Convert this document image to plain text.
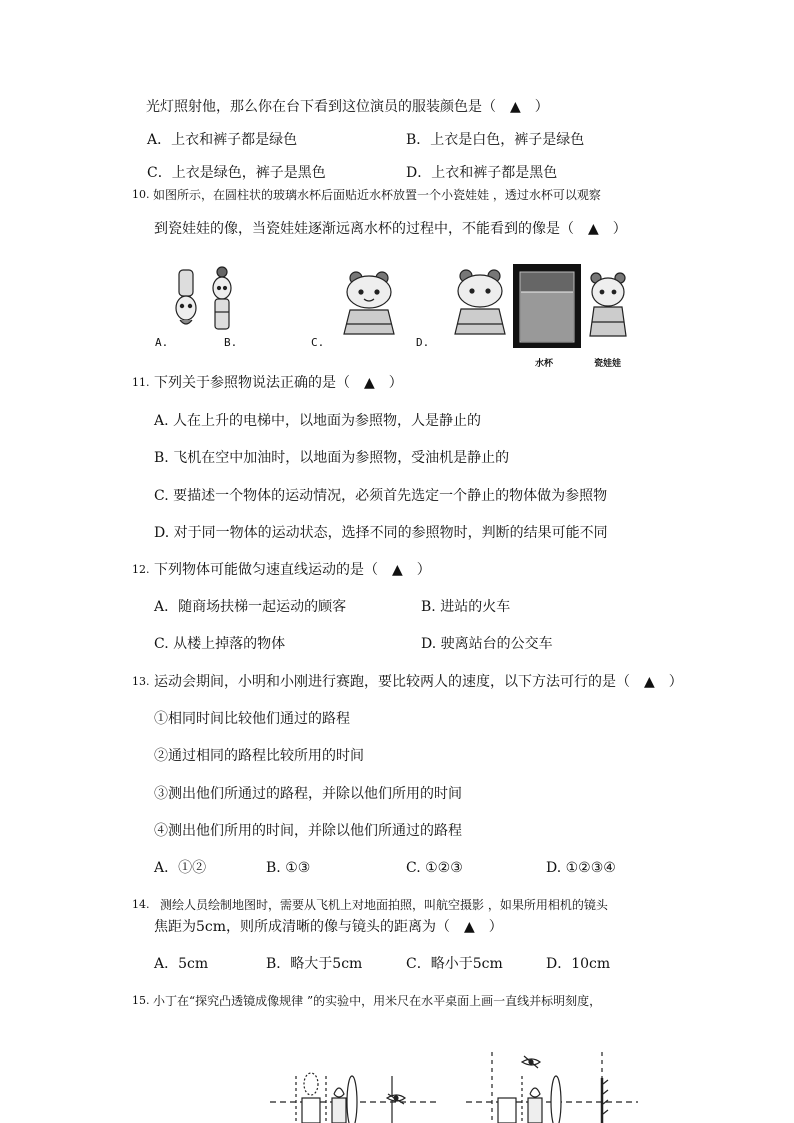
光灯照射他，那么你在台下看到这位演员的服装颜色是（　▲　）
A．上衣和裤子都是绿色	B．上衣是白色，裤子是绿色
C．上衣是绿色，裤子是黑色	D．上衣和裤子都是黑色
10. 如图所示，在圆柱状的玻璃水杯后面贴近水杯放置一个小瓷娃娃 ，透过水杯可以观察
到瓷娃娃的像，当瓷娃娃逐渐远离水杯的过程中，不能看到的像是（　▲　）
A.	B.	C.	D.
水杯	瓷娃娃
11. 下列关于参照物说法正确的是（　▲　）
A. 人在上升的电梯中，以地面为参照物，人是静止的
B. 飞机在空中加油时，以地面为参照物，受油机是静止的
C. 要描述一个物体的运动情况，必须首先选定一个静止的物体做为参照物
D. 对于同一物体的运动状态，选择不同的参照物时，判断的结果可能不同
12. 下列物体可能做匀速直线运动的是（　▲　）
A．随商场扶梯一起运动的顾客	B. 进站的火车
C. 从楼上掉落的物体	D. 驶离站台的公交车
13. 运动会期间，小明和小刚进行赛跑，要比较两人的速度，以下方法可行的是（　▲　）
①相同时间比较他们通过的路程
②通过相同的路程比较所用的时间
③测出他们所通过的路程，并除以他们所用的时间
④测出他们所用的时间，并除以他们所通过的路程
A．①②	B. ①③	C. ①②③	D. ①②③④
14. 测绘人员绘制地图时，需要从飞机上对地面拍照，叫航空摄影 ，如果所用相机的镜头
焦距为5cm，则所成清晰的像与镜头的距离为（　▲　）
A．5cm	B．略大于5cm	C．略小于5cm	D．10cm
15. 小丁在“探究凸透镜成像规律 ”的实验中，用米尺在水平桌面上画一直线并标明刻度，
